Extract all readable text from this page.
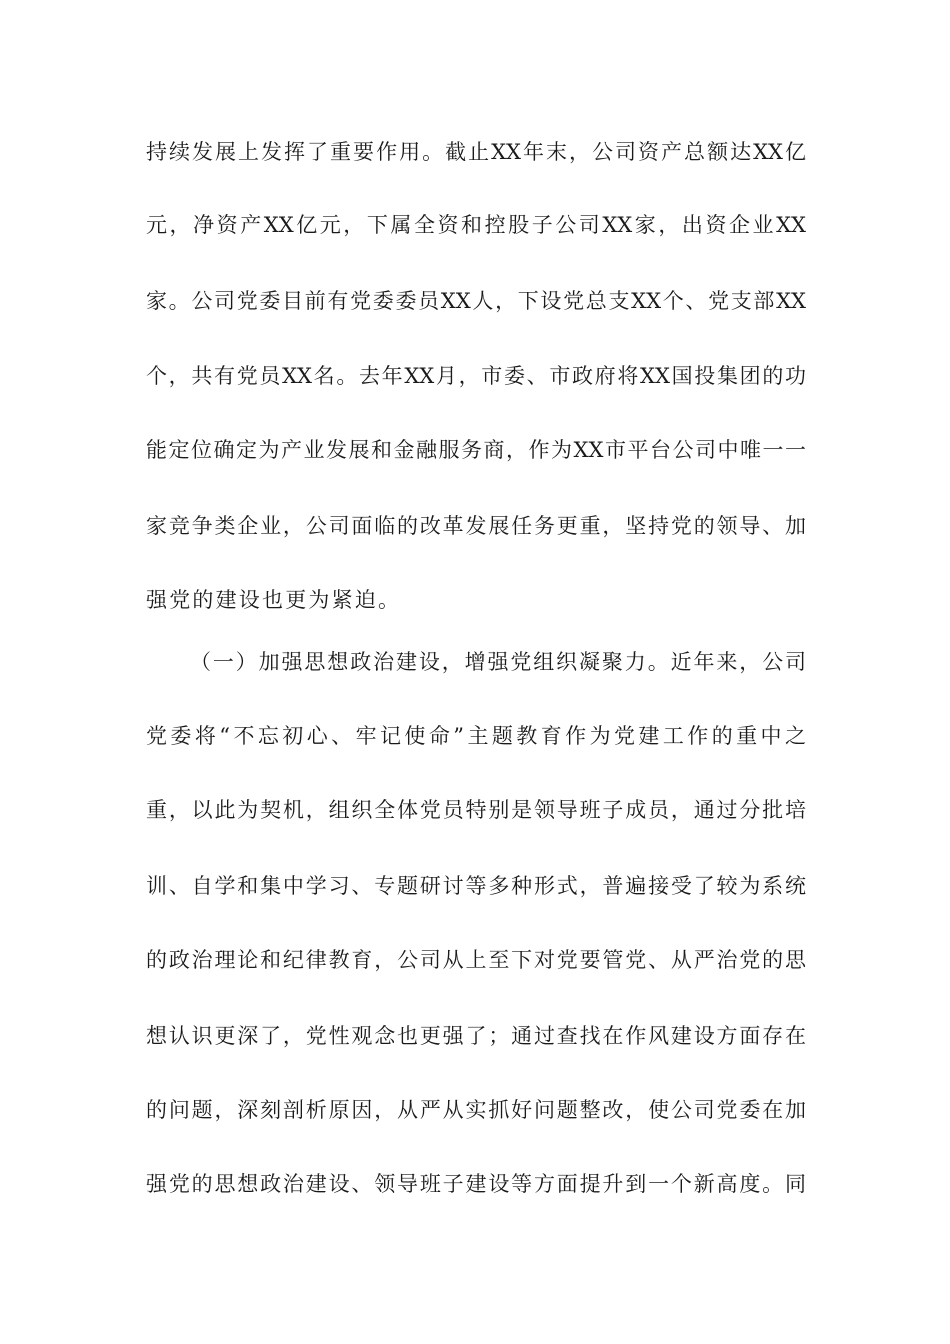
持续发展上发挥了重要作用。截止XX年末，公司资产总额达XX亿
元，净资产XX亿元，下属全资和控股子公司XX家，出资企业XX
家。公司党委目前有党委委员XX人，下设党总支XX个、党支部XX
个，共有党员XX名。去年XX月，市委、市政府将XX国投集团的功
能定位确定为产业发展和金融服务商，作为XX市平台公司中唯一一
家竞争类企业，公司面临的改革发展任务更重，坚持党的领导、加
强党的建设也更为紧迫。
（一）加强思想政治建设，增强党组织凝聚力。近年来，公司
党委将“不忘初心、牢记使命”主题教育作为党建工作的重中之
重，以此为契机，组织全体党员特别是领导班子成员，通过分批培
训、自学和集中学习、专题研讨等多种形式，普遍接受了较为系统
的政治理论和纪律教育，公司从上至下对党要管党、从严治党的思
想认识更深了，党性观念也更强了；通过查找在作风建设方面存在
的问题，深刻剖析原因，从严从实抓好问题整改，使公司党委在加
强党的思想政治建设、领导班子建设等方面提升到一个新高度。同
